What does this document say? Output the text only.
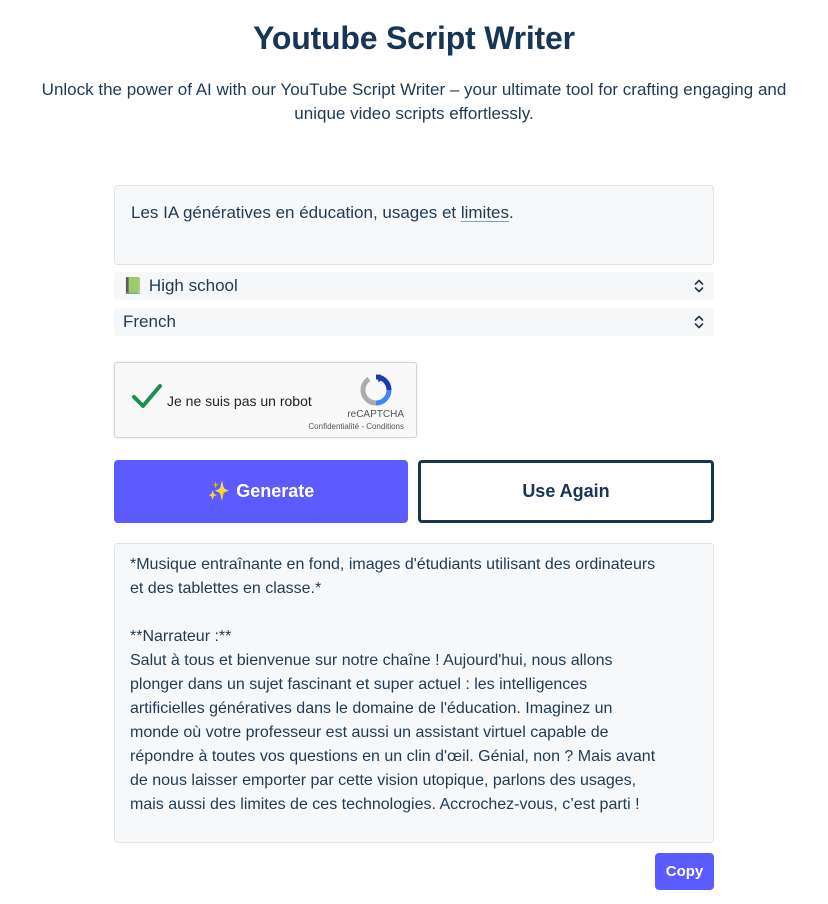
Youtube Script Writer
Unlock the power of AI with our YouTube Script Writer – your ultimate tool for crafting engaging and
unique video scripts effortlessly.
Les IA génératives en éducation, usages et limites.
📗 High school
French
Je ne suis pas un robot
reCAPTCHA
Confidentialité - Conditions
✨ Generate	Use Again

*Musique entraînante en fond, images d'étudiants utilisant des ordinateurs

et des tablettes en classe.*

**Narrateur :**

Salut à tous et bienvenue sur notre chaîne ! Aujourd'hui, nous allons

plonger dans un sujet fascinant et super actuel : les intelligences

artificielles génératives dans le domaine de l'éducation. Imaginez un

monde où votre professeur est aussi un assistant virtuel capable de

répondre à toutes vos questions en un clin d'œil. Génial, non ? Mais avant

de nous laisser emporter par cette vision utopique, parlons des usages,

mais aussi des limites de ces technologies. Accrochez-vous, c’est parti !

Copy
